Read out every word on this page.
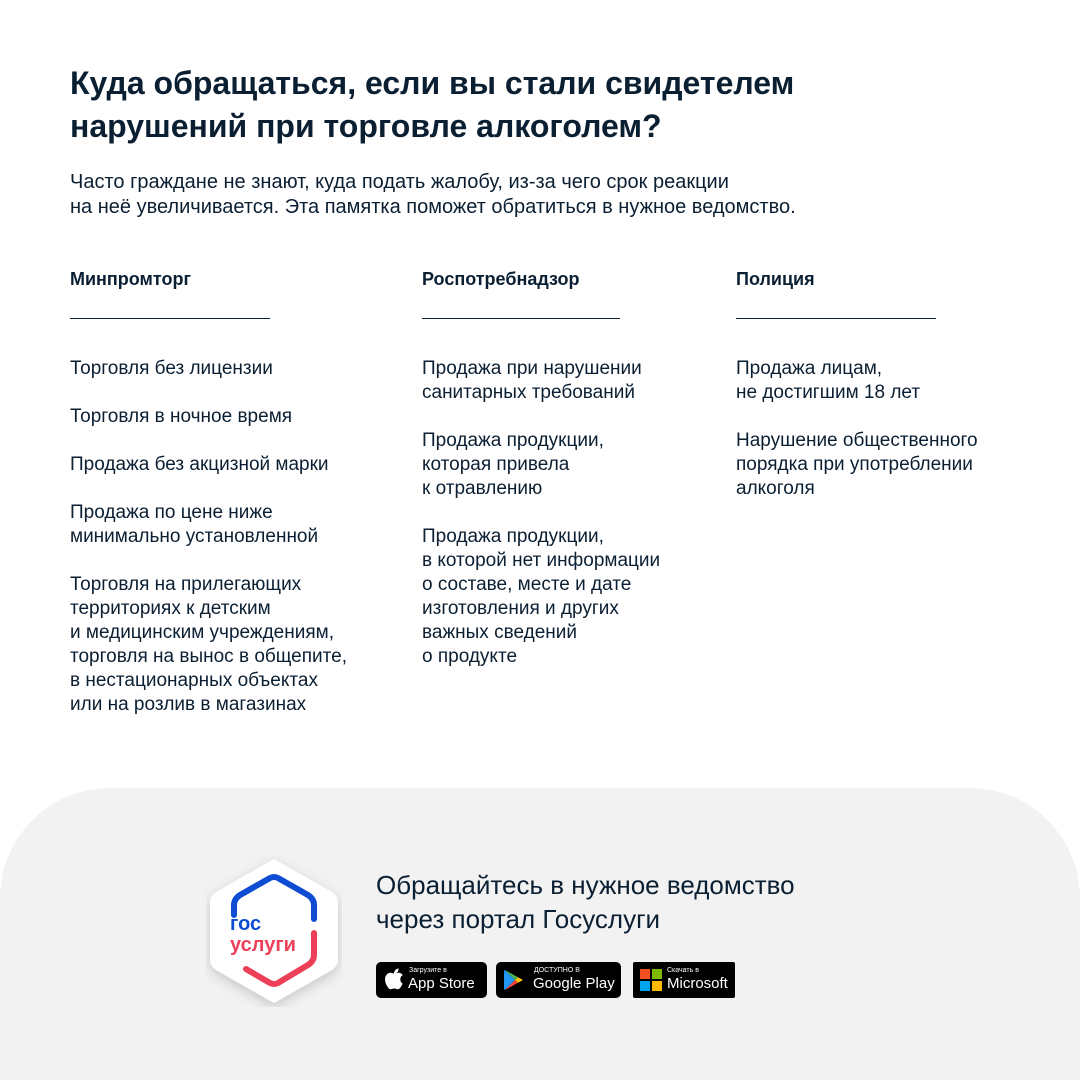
Куда обращаться, если вы стали свидетелем
нарушений при торговле алкоголем?

Часто граждане не знают, куда подать жалобу, из-за чего срок реакции
на неё увеличивается. Эта памятка поможет обратиться в нужное ведомство.

Минпромторг
Торговля без лицензии
Торговля в ночное время
Продажа без акцизной марки
Продажа по цене ниже
минимально установленной
Торговля на прилегающих
территориях к детским
и медицинским учреждениям,
торговля на вынос в общепите,
в нестационарных объектах
или на розлив в магазинах
Роспотребнадзор
Продажа при нарушении
санитарных требований
Продажа продукции,
которая привела
к отравлению
Продажа продукции,
в которой нет информации
о составе, месте и дате
изготовления и других
важных сведений
о продукте
Полиция
Продажа лицам,
не достигшим 18 лет
Нарушение общественного
порядка при употреблении
алкоголя
гос
услуги

Обращайтесь в нужное ведомство
через портал Госуслуги

Загрузите в
App Store
ДОСТУПНО В
Google Play
Скачать в
Microsoft
